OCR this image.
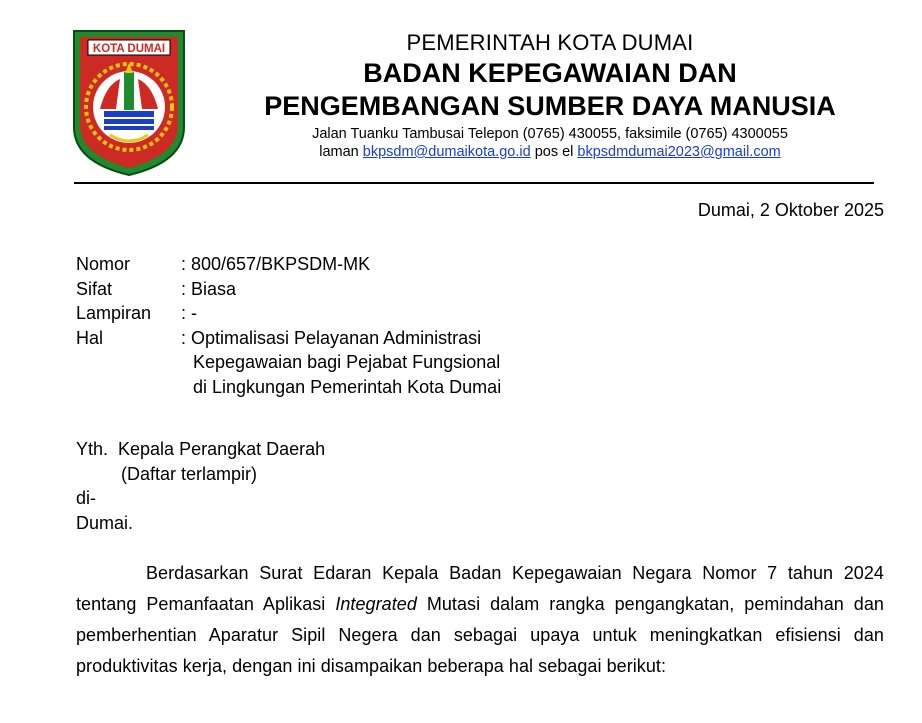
KOTA DUMAI	PEMERINTAH KOTA DUMAI
BADAN KEPEGAWAIAN DAN
PENGEMBANGAN SUMBER DAYA MANUSIA
Jalan Tuanku Tambusai Telepon (0765) 430055, faksimile (0765) 4300055
laman bkpsdm@dumaikota.go.id pos el bkpsdmdumai2023@gmail.com
Dumai, 2 Oktober 2025
Nomor	: 800/657/BKPSDM-MK
Sifat	: Biasa
Lampiran	: -
Hal	: Optimalisasi Pelayanan Administrasi
Kepegawaian bagi Pejabat Fungsional
di Lingkungan Pemerintah Kota Dumai
Yth.  Kepala Perangkat Daerah
(Daftar terlampir)
di-
Dumai.
Berdasarkan Surat Edaran Kepala Badan Kepegawaian Negara Nomor 7 tahun 2024 tentang Pemanfaatan Aplikasi Integrated Mutasi dalam rangka pengangkatan, pemindahan dan pemberhentian Aparatur Sipil Negera dan sebagai upaya untuk meningkatkan efisiensi dan produktivitas kerja, dengan ini disampaikan beberapa hal sebagai berikut:
